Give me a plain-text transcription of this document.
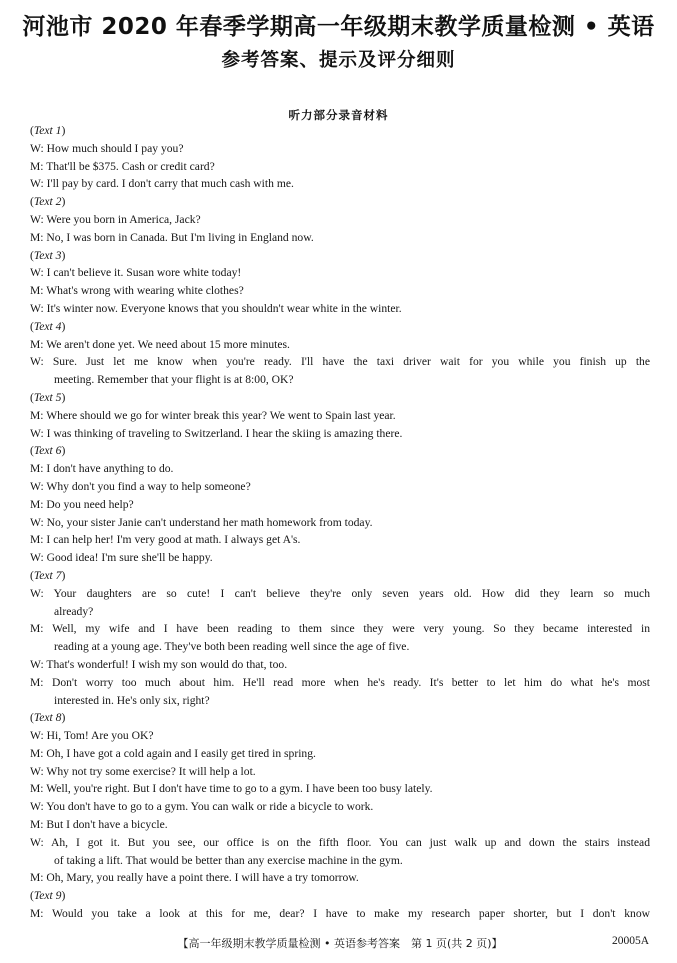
河池市 2020 年春季学期高一年级期末教学质量检测 • 英语
参考答案、提示及评分细则
听力部分录音材料
(Text 1)
W: How much should I pay you?
M: That'll be $375. Cash or credit card?
W: I'll pay by card. I don't carry that much cash with me.
(Text 2)
W: Were you born in America, Jack?
M: No, I was born in Canada. But I'm living in England now.
(Text 3)
W: I can't believe it. Susan wore white today!
M: What's wrong with wearing white clothes?
W: It's winter now. Everyone knows that you shouldn't wear white in the winter.
(Text 4)
M: We aren't done yet. We need about 15 more minutes.
W: Sure. Just let me know when you're ready. I'll have the taxi driver wait for you while you finish up the
meeting. Remember that your flight is at 8:00, OK?
(Text 5)
M: Where should we go for winter break this year? We went to Spain last year.
W: I was thinking of traveling to Switzerland. I hear the skiing is amazing there.
(Text 6)
M: I don't have anything to do.
W: Why don't you find a way to help someone?
M: Do you need help?
W: No, your sister Janie can't understand her math homework from today.
M: I can help her! I'm very good at math. I always get A's.
W: Good idea! I'm sure she'll be happy.
(Text 7)
W: Your daughters are so cute! I can't believe they're only seven years old. How did they learn so much
already?
M: Well, my wife and I have been reading to them since they were very young. So they became interested in
reading at a young age. They've both been reading well since the age of five.
W: That's wonderful! I wish my son would do that, too.
M: Don't worry too much about him. He'll read more when he's ready. It's better to let him do what he's most
interested in. He's only six, right?
(Text 8)
W: Hi, Tom! Are you OK?
M: Oh, I have got a cold again and I easily get tired in spring.
W: Why not try some exercise? It will help a lot.
M: Well, you're right. But I don't have time to go to a gym. I have been too busy lately.
W: You don't have to go to a gym. You can walk or ride a bicycle to work.
M: But I don't have a bicycle.
W: Ah, I got it. But you see, our office is on the fifth floor. You can just walk up and down the stairs instead
of taking a lift. That would be better than any exercise machine in the gym.
M: Oh, Mary, you really have a point there. I will have a try tomorrow.
(Text 9)
M: Would you take a look at this for me, dear? I have to make my research paper shorter, but I don't know
【高一年级期末教学质量检测 • 英语参考答案　第 1 页(共 2 页)】	20005A
